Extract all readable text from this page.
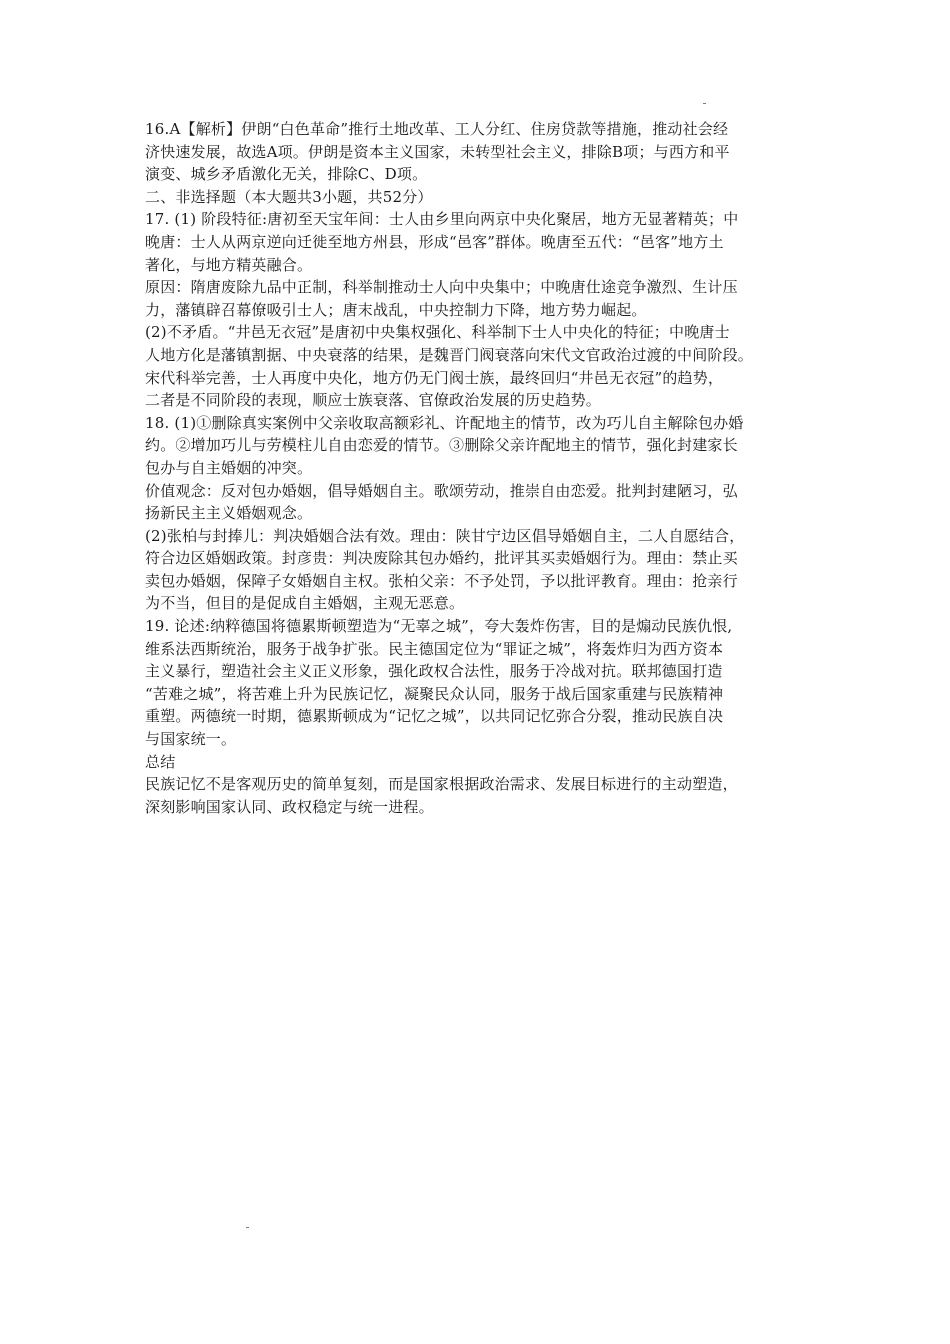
16.A【解析】伊朗“白色革命”推行土地改革、工人分红、住房贷款等措施，推动社会经
济快速发展，故选A项。伊朗是资本主义国家，未转型社会主义，排除B项；与西方和平
演变、城乡矛盾激化无关，排除C、D项。
二、非选择题（本大题共3小题，共52分）
17. (1) 阶段特征:唐初至天宝年间：士人由乡里向两京中央化聚居，地方无显著精英；中
晚唐：士人从两京逆向迁徙至地方州县，形成“邑客”群体。晚唐至五代：“邑客”地方土
著化，与地方精英融合。
原因：隋唐废除九品中正制，科举制推动士人向中央集中；中晚唐仕途竞争激烈、生计压
力，藩镇辟召幕僚吸引士人；唐末战乱，中央控制力下降，地方势力崛起。
(2)不矛盾。“井邑无衣冠”是唐初中央集权强化、科举制下士人中央化的特征；中晚唐士
人地方化是藩镇割据、中央衰落的结果，是魏晋门阀衰落向宋代文官政治过渡的中间阶段。
宋代科举完善，士人再度中央化，地方仍无门阀士族，最终回归“井邑无衣冠”的趋势，
二者是不同阶段的表现，顺应士族衰落、官僚政治发展的历史趋势。
18. (1)①删除真实案例中父亲收取高额彩礼、许配地主的情节，改为巧儿自主解除包办婚
约。②增加巧儿与劳模柱儿自由恋爱的情节。③删除父亲许配地主的情节，强化封建家长
包办与自主婚姻的冲突。
价值观念：反对包办婚姻，倡导婚姻自主。歌颂劳动，推崇自由恋爱。批判封建陋习，弘
扬新民主主义婚姻观念。
(2)张柏与封捧儿：判决婚姻合法有效。理由：陕甘宁边区倡导婚姻自主，二人自愿结合，
符合边区婚姻政策。封彦贵：判决废除其包办婚约，批评其买卖婚姻行为。理由：禁止买
卖包办婚姻，保障子女婚姻自主权。张柏父亲：不予处罚，予以批评教育。理由：抢亲行
为不当，但目的是促成自主婚姻，主观无恶意。
19. 论述:纳粹德国将德累斯顿塑造为“无辜之城”，夸大轰炸伤害，目的是煽动民族仇恨,
维系法西斯统治，服务于战争扩张。民主德国定位为“罪证之城”，将轰炸归为西方资本
主义暴行，塑造社会主义正义形象，强化政权合法性，服务于冷战对抗。联邦德国打造
“苦难之城”，将苦难上升为民族记忆，凝聚民众认同，服务于战后国家重建与民族精神
重塑。两德统一时期，德累斯顿成为“记忆之城”，以共同记忆弥合分裂，推动民族自决
与国家统一。
总结
民族记忆不是客观历史的简单复刻，而是国家根据政治需求、发展目标进行的主动塑造，
深刻影响国家认同、政权稳定与统一进程。
